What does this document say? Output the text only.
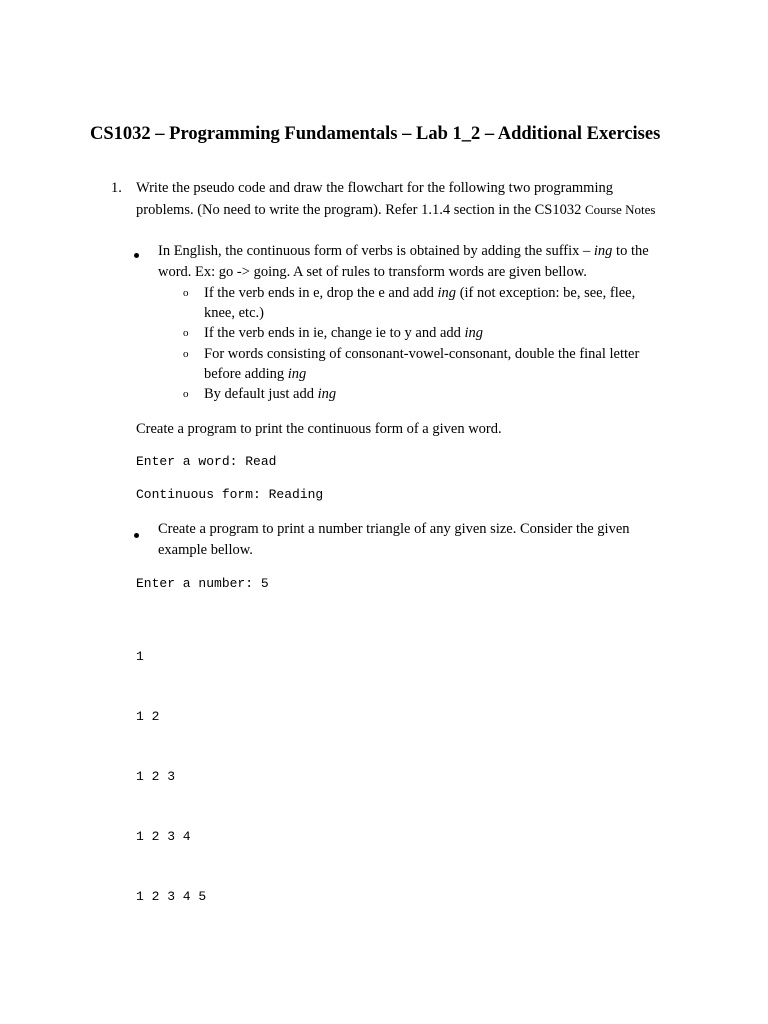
CS1032 – Programming Fundamentals – Lab 1_2 – Additional Exercises
1. Write the pseudo code and draw the flowchart for the following two programming
problems. (No need to write the program). Refer 1.1.4 section in the CS1032 Course Notes
In English, the continuous form of verbs is obtained by adding the suffix – ing to the
word. Ex: go -> going. A set of rules to transform words are given bellow.
o If the verb ends in e, drop the e and add ing (if not exception: be, see, flee,
knee, etc.)
o If the verb ends in ie, change ie to y and add ing
o For words consisting of consonant-vowel-consonant, double the final letter
before adding ing
o By default just add ing
Create a program to print the continuous form of a given word.
Enter a word: Read
Continuous form: Reading
Create a program to print a number triangle of any given size. Consider the given
example bellow.
Enter a number: 5

1

1 2

1 2 3

1 2 3 4

1 2 3 4 5
